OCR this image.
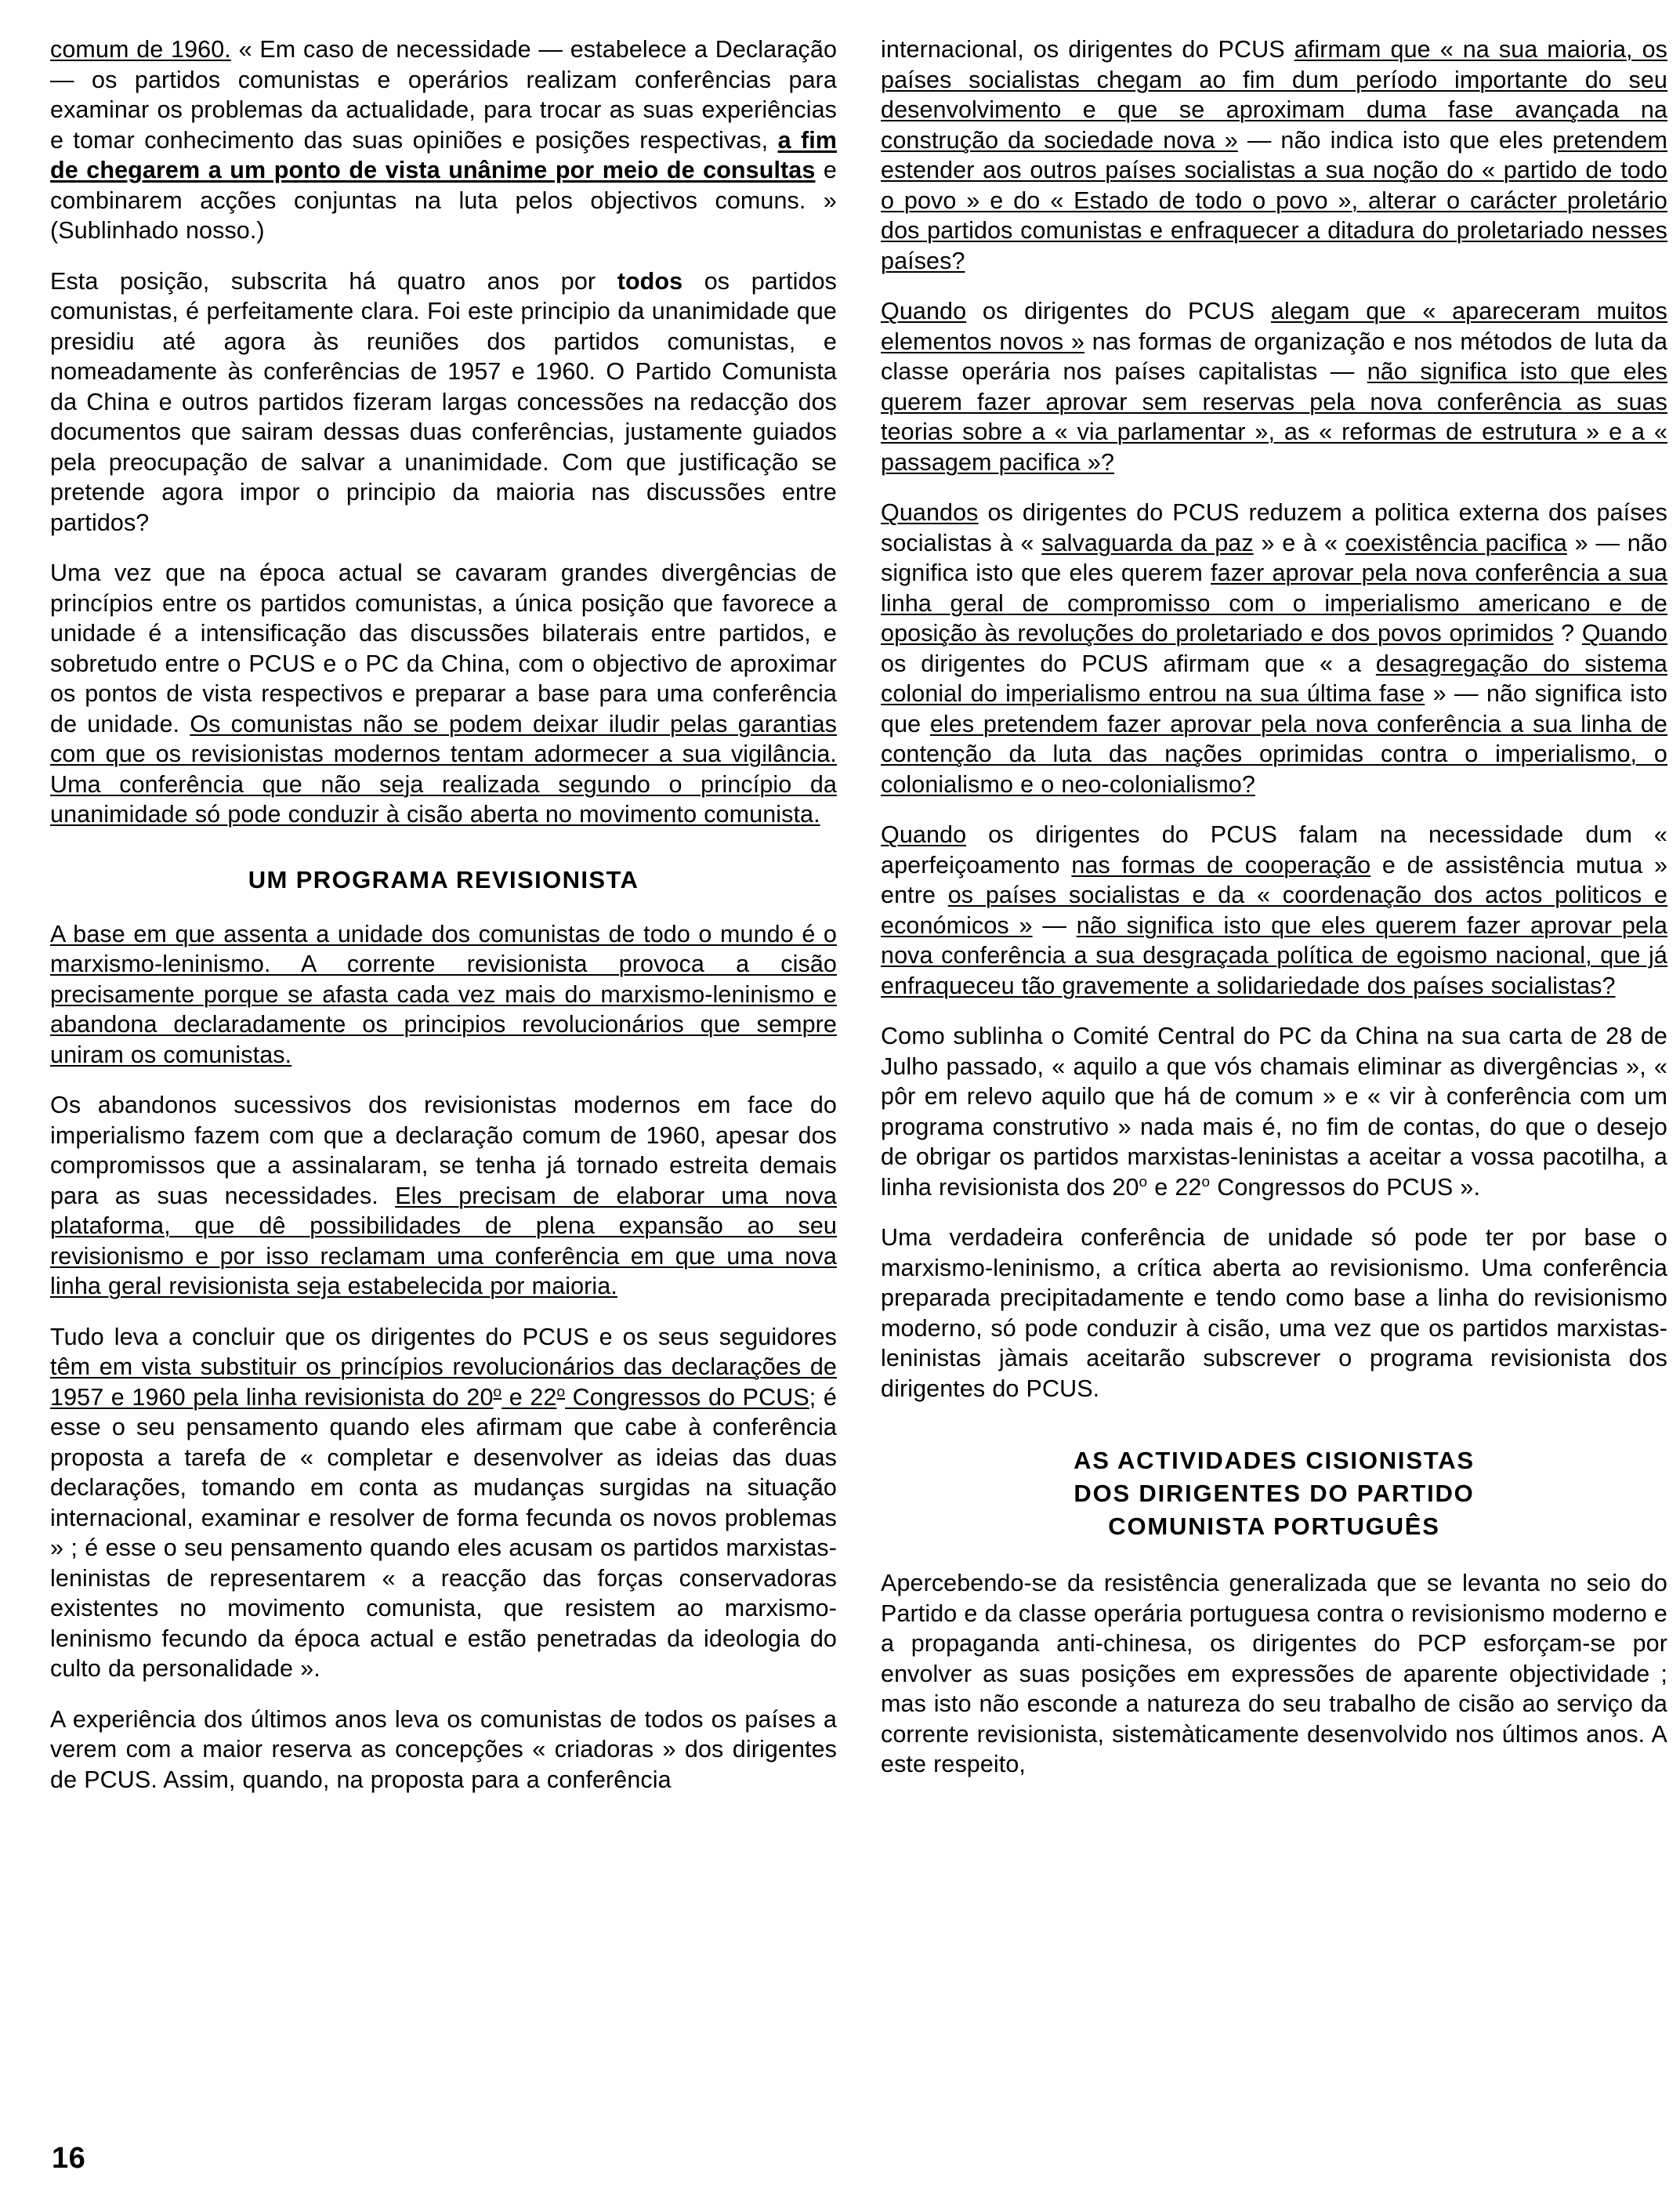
comum de 1960. « Em caso de necessidade — estabelece a Declaração — os partidos comunistas e operários realizam conferências para examinar os problemas da actualidade, para trocar as suas experiências e tomar conhecimento das suas opiniões e posições respectivas, a fim de chegarem a um ponto de vista unânime por meio de consultas e combinarem acções conjuntas na luta pelos objectivos comuns. » (Sublinhado nosso.)

Esta posição, subscrita há quatro anos por todos os partidos comunistas, é perfeitamente clara. Foi este principio da unanimidade que presidiu até agora às reuniões dos partidos comunistas, e nomeadamente às conferências de 1957 e 1960. O Partido Comunista da China e outros partidos fizeram largas concessões na redacção dos documentos que sairam dessas duas conferências, justamente guiados pela preocupação de salvar a unanimidade. Com que justificação se pretende agora impor o principio da maioria nas discussões entre partidos?

Uma vez que na época actual se cavaram grandes divergências de princípios entre os partidos comunistas, a única posição que favorece a unidade é a intensificação das discussões bilaterais entre partidos, e sobretudo entre o PCUS e o PC da China, com o objectivo de aproximar os pontos de vista respectivos e preparar a base para uma conferência de unidade. Os comunistas não se podem deixar iludir pelas garantias com que os revisionistas modernos tentam adormecer a sua vigilância. Uma conferência que não seja realizada segundo o princípio da unanimidade só pode conduzir à cisão aberta no movimento comunista.

UM PROGRAMA REVISIONISTA

A base em que assenta a unidade dos comunistas de todo o mundo é o marxismo-leninismo. A corrente revisionista provoca a cisão precisamente porque se afasta cada vez mais do marxismo-leninismo e abandona declaradamente os principios revolucionários que sempre uniram os comunistas.

Os abandonos sucessivos dos revisionistas modernos em face do imperialismo fazem com que a declaração comum de 1960, apesar dos compromissos que a assinalaram, se tenha já tornado estreita demais para as suas necessidades. Eles precisam de elaborar uma nova plataforma, que dê possibilidades de plena expansão ao seu revisionismo e por isso reclamam uma conferência em que uma nova linha geral revisionista seja estabelecida por maioria.

Tudo leva a concluir que os dirigentes do PCUS e os seus seguidores têm em vista substituir os princípios revolucionários das declarações de 1957 e 1960 pela linha revisionista do 20$^o$ e 22$^o$ Congressos do PCUS; é esse o seu pensamento quando eles afirmam que cabe à conferência proposta a tarefa de « completar e desenvolver as ideias das duas declarações, tomando em conta as mudanças surgidas na situação internacional, examinar e resolver de forma fecunda os novos problemas » ; é esse o seu pensamento quando eles acusam os partidos marxistas-leninistas de representarem « a reacção das forças conservadoras existentes no movimento comunista, que resistem ao marxismo-leninismo fecundo da época actual e estão penetradas da ideologia do culto da personalidade ».

A experiência dos últimos anos leva os comunistas de todos os países a verem com a maior reserva as concepções « criadoras » dos dirigentes de PCUS. Assim, quando, na proposta para a conferência

internacional, os dirigentes do PCUS afirmam que « na sua maioria, os países socialistas chegam ao fim dum período importante do seu desenvolvimento e que se aproximam duma fase avançada na construção da sociedade nova » — não indica isto que eles pretendem estender aos outros países socialistas a sua noção do « partido de todo o povo » e do « Estado de todo o povo », alterar o carácter proletário dos partidos comunistas e enfraquecer a ditadura do proletariado nesses países?

Quando os dirigentes do PCUS alegam que « apareceram muitos elementos novos » nas formas de organização e nos métodos de luta da classe operária nos países capitalistas — não significa isto que eles querem fazer aprovar sem reservas pela nova conferência as suas teorias sobre a « via parlamentar », as « reformas de estrutura » e a « passagem pacifica »?

Quandos os dirigentes do PCUS reduzem a politica externa dos países socialistas à « salvaguarda da paz » e à « coexistência pacifica » — não significa isto que eles querem fazer aprovar pela nova conferência a sua linha geral de compromisso com o imperialismo americano e de oposição às revoluções do proletariado e dos povos oprimidos ? Quando os dirigentes do PCUS afirmam que « a desagregação do sistema colonial do imperialismo entrou na sua última fase » — não significa isto que eles pretendem fazer aprovar pela nova conferência a sua linha de contenção da luta das nações oprimidas contra o imperialismo, o colonialismo e o neo-colonialismo?

Quando os dirigentes do PCUS falam na necessidade dum « aperfeiçoamento nas formas de cooperação e de assistência mutua » entre os países socialistas e da « coordenação dos actos politicos e económicos » — não significa isto que eles querem fazer aprovar pela nova conferência a sua desgraçada política de egoismo nacional, que já enfraqueceu tão gravemente a solidariedade dos países socialistas?

Como sublinha o Comité Central do PC da China na sua carta de 28 de Julho passado, « aquilo a que vós chamais eliminar as divergências », « pôr em relevo aquilo que há de comum » e « vir à conferência com um programa construtivo » nada mais é, no fim de contas, do que o desejo de obrigar os partidos marxistas-leninistas a aceitar a vossa pacotilha, a linha revisionista dos 20$^o$ e 22$^o$ Congressos do PCUS ».

Uma verdadeira conferência de unidade só pode ter por base o marxismo-leninismo, a crítica aberta ao revisionismo. Uma conferência preparada precipitadamente e tendo como base a linha do revisionismo moderno, só pode conduzir à cisão, uma vez que os partidos marxistas-leninistas jàmais aceitarão subscrever o programa revisionista dos dirigentes do PCUS.

AS ACTIVIDADES CISIONISTAS
DOS DIRIGENTES DO PARTIDO
COMUNISTA PORTUGUÊS

Apercebendo-se da resistência generalizada que se levanta no seio do Partido e da classe operária portuguesa contra o revisionismo moderno e a propaganda anti-chinesa, os dirigentes do PCP esforçam-se por envolver as suas posições em expressões de aparente objectividade ; mas isto não esconde a natureza do seu trabalho de cisão ao serviço da corrente revisionista, sistemàticamente desenvolvido nos últimos anos. A este respeito,

16
